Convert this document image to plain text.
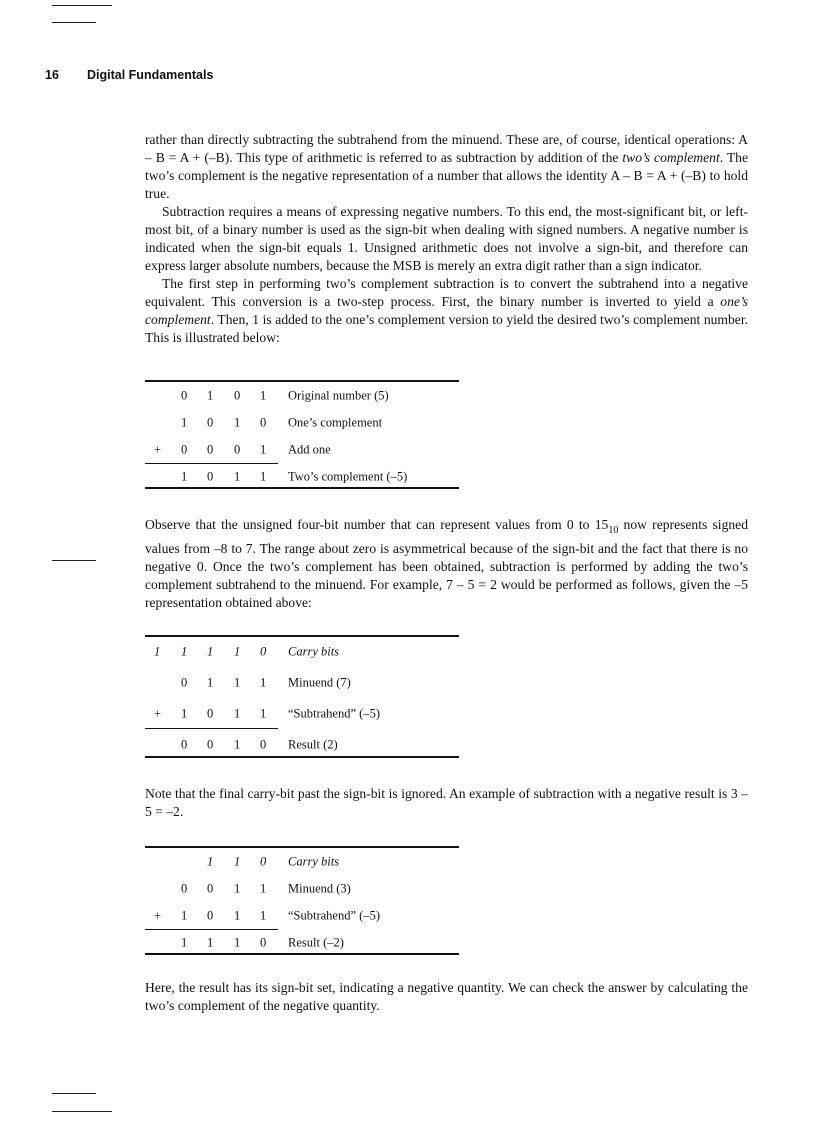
16 Digital Fundamentals

rather than directly subtracting the subtrahend from the minuend. These are, of course, identical operations: A – B = A + (–B). This type of arithmetic is referred to as subtraction by addition of the two’s complement. The two’s complement is the negative representation of a number that allows the identity A – B = A + (–B) to hold true.

Subtraction requires a means of expressing negative numbers. To this end, the most-significant bit, or left-most bit, of a binary number is used as the sign-bit when dealing with signed numbers. A negative number is indicated when the sign-bit equals 1. Unsigned arithmetic does not involve a sign-bit, and therefore can express larger absolute numbers, because the MSB is merely an extra digit rather than a sign indicator.

The first step in performing two’s complement subtraction is to convert the subtrahend into a negative equivalent. This conversion is a two-step process. First, the binary number is inverted to yield a one’s complement. Then, 1 is added to the one’s complement version to yield the desired two’s complement number. This is illustrated below:

0 1 0 1 Original number (5)
1 0 1 0 One’s complement
+ 0 0 0 1 Add one
1 0 1 1 Two’s complement (–5)

Observe that the unsigned four-bit number that can represent values from 0 to $15_{10}$ now represents signed values from –8 to 7. The range about zero is asymmetrical because of the sign-bit and the fact that there is no negative 0. Once the two’s complement has been obtained, subtraction is performed by adding the two’s complement subtrahend to the minuend. For example, 7 – 5 = 2 would be performed as follows, given the –5 representation obtained above:

1 1 1 1 0 Carry bits
0 1 1 1 Minuend (7)
+ 1 0 1 1 “Subtrahend” (–5)
0 0 1 0 Result (2)

Note that the final carry-bit past the sign-bit is ignored. An example of subtraction with a negative result is 3 – 5 = –2.

1 1 0 Carry bits
0 0 1 1 Minuend (3)
+ 1 0 1 1 “Subtrahend” (–5)
1 1 1 0 Result (–2)

Here, the result has its sign-bit set, indicating a negative quantity. We can check the answer by calculating the two’s complement of the negative quantity.
